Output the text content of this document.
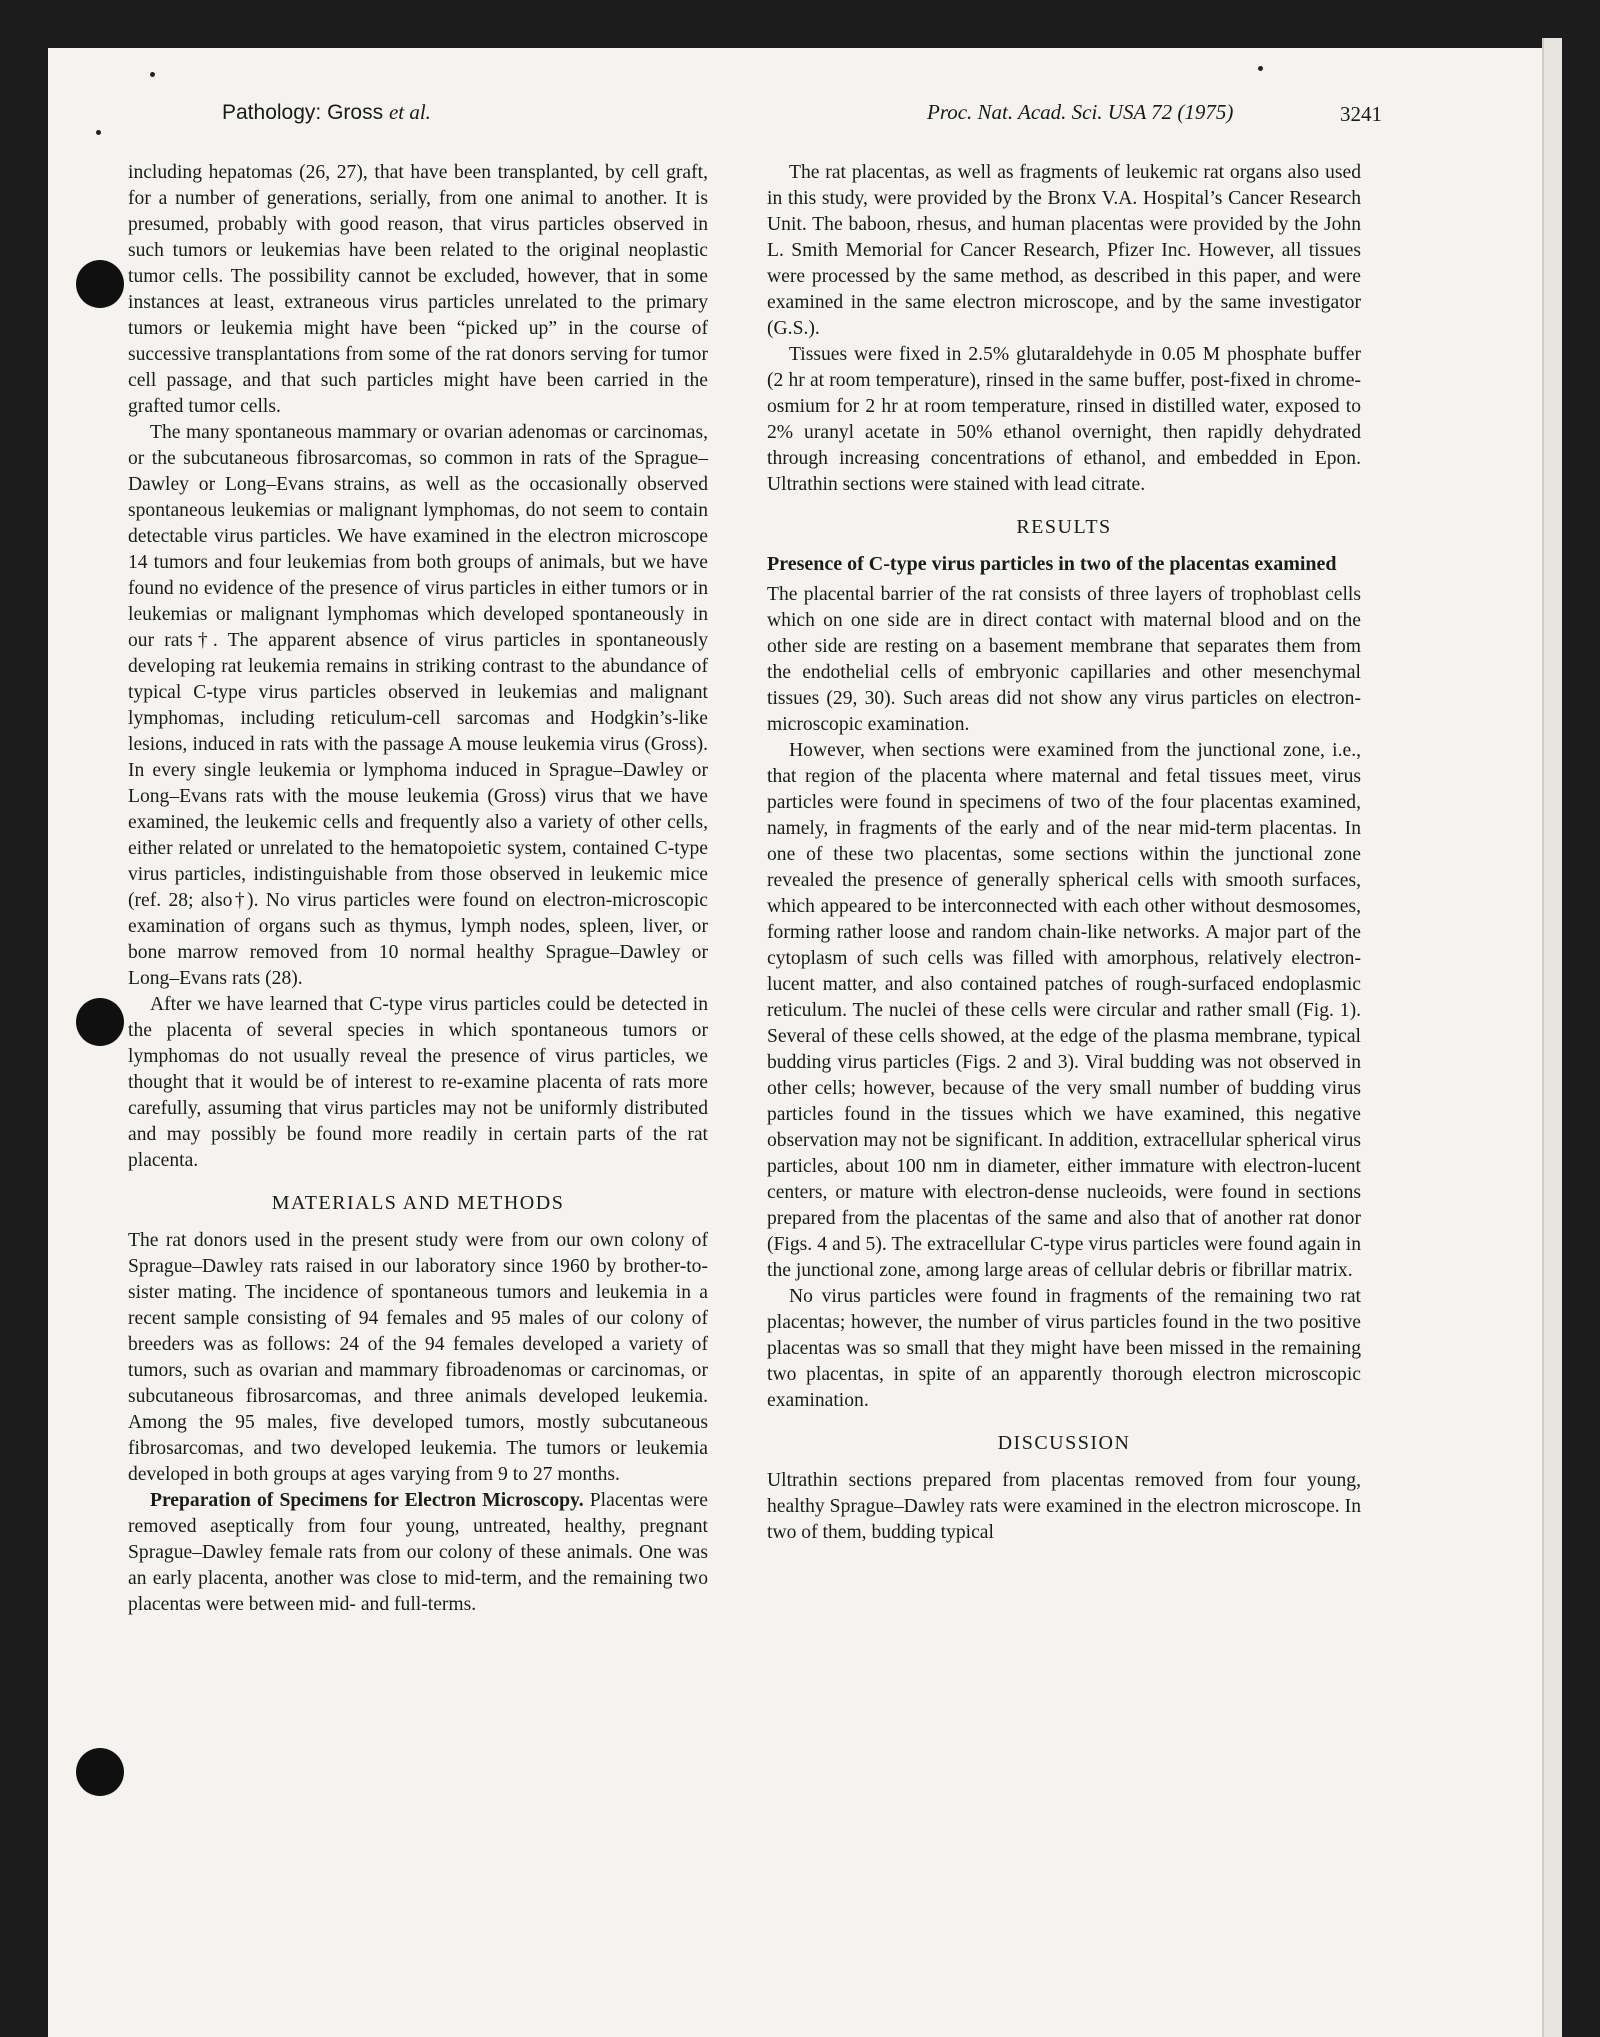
Pathology: Gross et al.	Proc. Nat. Acad. Sci. USA 72 (1975)	3241

including hepatomas (26, 27), that have been transplanted, by cell graft, for a number of generations, serially, from one animal to another. It is presumed, probably with good reason, that virus particles observed in such tumors or leukemias have been related to the original neoplastic tumor cells. The possibility cannot be excluded, however, that in some instances at least, extraneous virus particles unrelated to the primary tumors or leukemia might have been “picked up” in the course of successive transplantations from some of the rat donors serving for tumor cell passage, and that such particles might have been carried in the grafted tumor cells.

The many spontaneous mammary or ovarian adenomas or carcinomas, or the subcutaneous fibrosarcomas, so common in rats of the Sprague–Dawley or Long–Evans strains, as well as the occasionally observed spontaneous leukemias or malignant lymphomas, do not seem to contain detectable virus particles. We have examined in the electron microscope 14 tumors and four leukemias from both groups of animals, but we have found no evidence of the presence of virus particles in either tumors or in leukemias or malignant lymphomas which developed spontaneously in our rats†. The apparent absence of virus particles in spontaneously developing rat leukemia remains in striking contrast to the abundance of typical C-type virus particles observed in leukemias and malignant lymphomas, including reticulum-cell sarcomas and Hodgkin’s-like lesions, induced in rats with the passage A mouse leukemia virus (Gross). In every single leukemia or lymphoma induced in Sprague–Dawley or Long–Evans rats with the mouse leukemia (Gross) virus that we have examined, the leukemic cells and frequently also a variety of other cells, either related or unrelated to the hematopoietic system, contained C-type virus particles, indistinguishable from those observed in leukemic mice (ref. 28; also†). No virus particles were found on electron-microscopic examination of organs such as thymus, lymph nodes, spleen, liver, or bone marrow removed from 10 normal healthy Sprague–Dawley or Long–Evans rats (28).

After we have learned that C-type virus particles could be detected in the placenta of several species in which spontaneous tumors or lymphomas do not usually reveal the presence of virus particles, we thought that it would be of interest to re-examine placenta of rats more carefully, assuming that virus particles may not be uniformly distributed and may possibly be found more readily in certain parts of the rat placenta.

MATERIALS AND METHODS

The rat donors used in the present study were from our own colony of Sprague–Dawley rats raised in our laboratory since 1960 by brother-to-sister mating. The incidence of spontaneous tumors and leukemia in a recent sample consisting of 94 females and 95 males of our colony of breeders was as follows: 24 of the 94 females developed a variety of tumors, such as ovarian and mammary fibroadenomas or carcinomas, or subcutaneous fibrosarcomas, and three animals developed leukemia. Among the 95 males, five developed tumors, mostly subcutaneous fibrosarcomas, and two developed leukemia. The tumors or leukemia developed in both groups at ages varying from 9 to 27 months.

Preparation of Specimens for Electron Microscopy. Placentas were removed aseptically from four young, untreated, healthy, pregnant Sprague–Dawley female rats from our colony of these animals. One was an early placenta, another was close to mid-term, and the remaining two placentas were between mid- and full-terms.

The rat placentas, as well as fragments of leukemic rat organs also used in this study, were provided by the Bronx V.A. Hospital’s Cancer Research Unit. The baboon, rhesus, and human placentas were provided by the John L. Smith Memorial for Cancer Research, Pfizer Inc. However, all tissues were processed by the same method, as described in this paper, and were examined in the same electron microscope, and by the same investigator (G.S.).

Tissues were fixed in 2.5% glutaraldehyde in 0.05 M phosphate buffer (2 hr at room temperature), rinsed in the same buffer, post-fixed in chrome-osmium for 2 hr at room temperature, rinsed in distilled water, exposed to 2% uranyl acetate in 50% ethanol overnight, then rapidly dehydrated through increasing concentrations of ethanol, and embedded in Epon. Ultrathin sections were stained with lead citrate.

RESULTS
Presence of C-type virus particles in two of the placentas examined

The placental barrier of the rat consists of three layers of trophoblast cells which on one side are in direct contact with maternal blood and on the other side are resting on a basement membrane that separates them from the endothelial cells of embryonic capillaries and other mesenchymal tissues (29, 30). Such areas did not show any virus particles on electron-microscopic examination.

However, when sections were examined from the junctional zone, i.e., that region of the placenta where maternal and fetal tissues meet, virus particles were found in specimens of two of the four placentas examined, namely, in fragments of the early and of the near mid-term placentas. In one of these two placentas, some sections within the junctional zone revealed the presence of generally spherical cells with smooth surfaces, which appeared to be interconnected with each other without desmosomes, forming rather loose and random chain-like networks. A major part of the cytoplasm of such cells was filled with amorphous, relatively electron-lucent matter, and also contained patches of rough-surfaced endoplasmic reticulum. The nuclei of these cells were circular and rather small (Fig. 1). Several of these cells showed, at the edge of the plasma membrane, typical budding virus particles (Figs. 2 and 3). Viral budding was not observed in other cells; however, because of the very small number of budding virus particles found in the tissues which we have examined, this negative observation may not be significant. In addition, extracellular spherical virus particles, about 100 nm in diameter, either immature with electron-lucent centers, or mature with electron-dense nucleoids, were found in sections prepared from the placentas of the same and also that of another rat donor (Figs. 4 and 5). The extracellular C-type virus particles were found again in the junctional zone, among large areas of cellular debris or fibrillar matrix.

No virus particles were found in fragments of the remaining two rat placentas; however, the number of virus particles found in the two positive placentas was so small that they might have been missed in the remaining two placentas, in spite of an apparently thorough electron microscopic examination.

DISCUSSION

Ultrathin sections prepared from placentas removed from four young, healthy Sprague–Dawley rats were examined in the electron microscope. In two of them, budding typical
